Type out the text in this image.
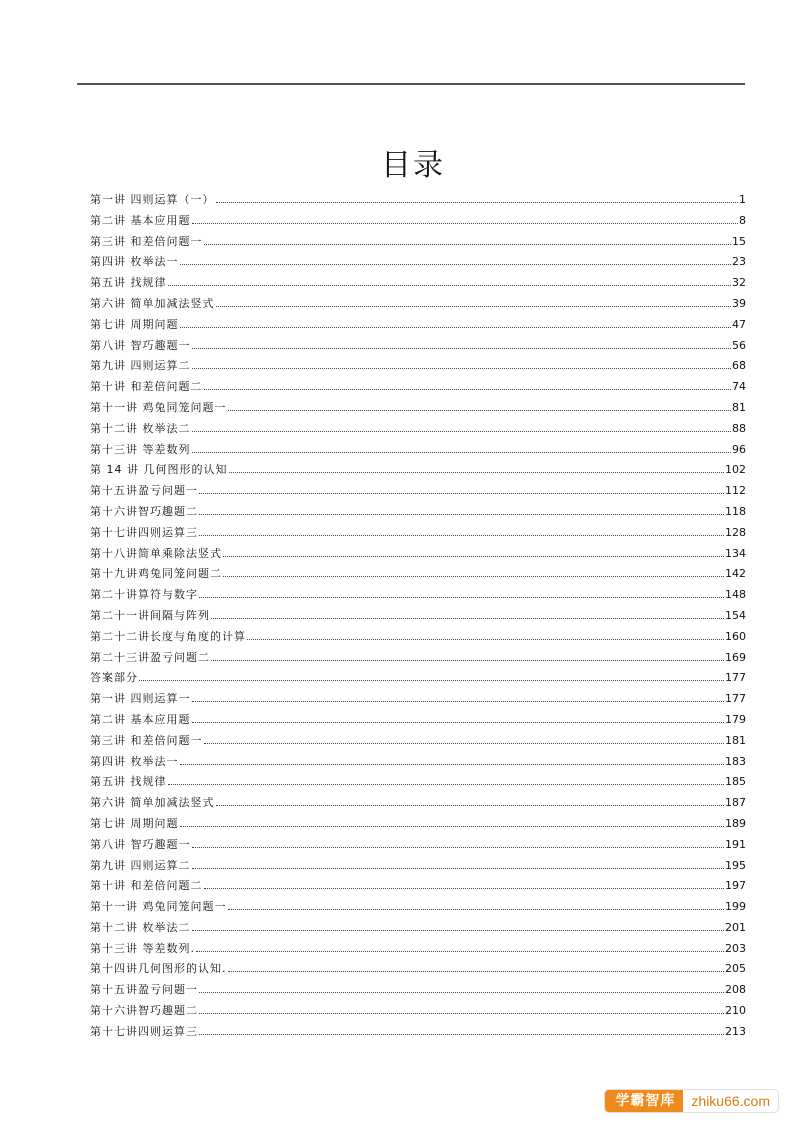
目录
第一讲 四则运算（一）	1
第二讲 基本应用题	8
第三讲 和差倍问题一	15
第四讲 枚举法一	23
第五讲 找规律	32
第六讲 简单加减法竖式	39
第七讲 周期问题	47
第八讲 智巧趣题一	56
第九讲 四则运算二	68
第十讲 和差倍问题二	74
第十一讲 鸡兔同笼问题一	81
第十二讲 枚举法二	88
第十三讲 等差数列	96
第 14 讲 几何图形的认知	102
第十五讲盈亏问题一	112
第十六讲智巧趣题二	118
第十七讲四则运算三	128
第十八讲简单乘除法竖式	134
第十九讲鸡兔同笼问题二	142
第二十讲算符与数字	148
第二十一讲间隔与阵列	154
第二十二讲长度与角度的计算	160
第二十三讲盈亏问题二	169
答案部分	177
第一讲 四则运算一	177
第二讲 基本应用题	179
第三讲 和差倍问题一	181
第四讲 枚举法一	183
第五讲 找规律	185
第六讲 简单加减法竖式	187
第七讲 周期问题	189
第八讲 智巧趣题一	191
第九讲 四则运算二	195
第十讲 和差倍问题二	197
第十一讲 鸡兔同笼问题一	199
第十二讲 枚举法二	201
第十三讲 等差数列.	203
第十四讲几何图形的认知.	205
第十五讲盈亏问题一	208
第十六讲智巧趣题二	210
第十七讲四则运算三	213
学霸智库	zhiku66.com
